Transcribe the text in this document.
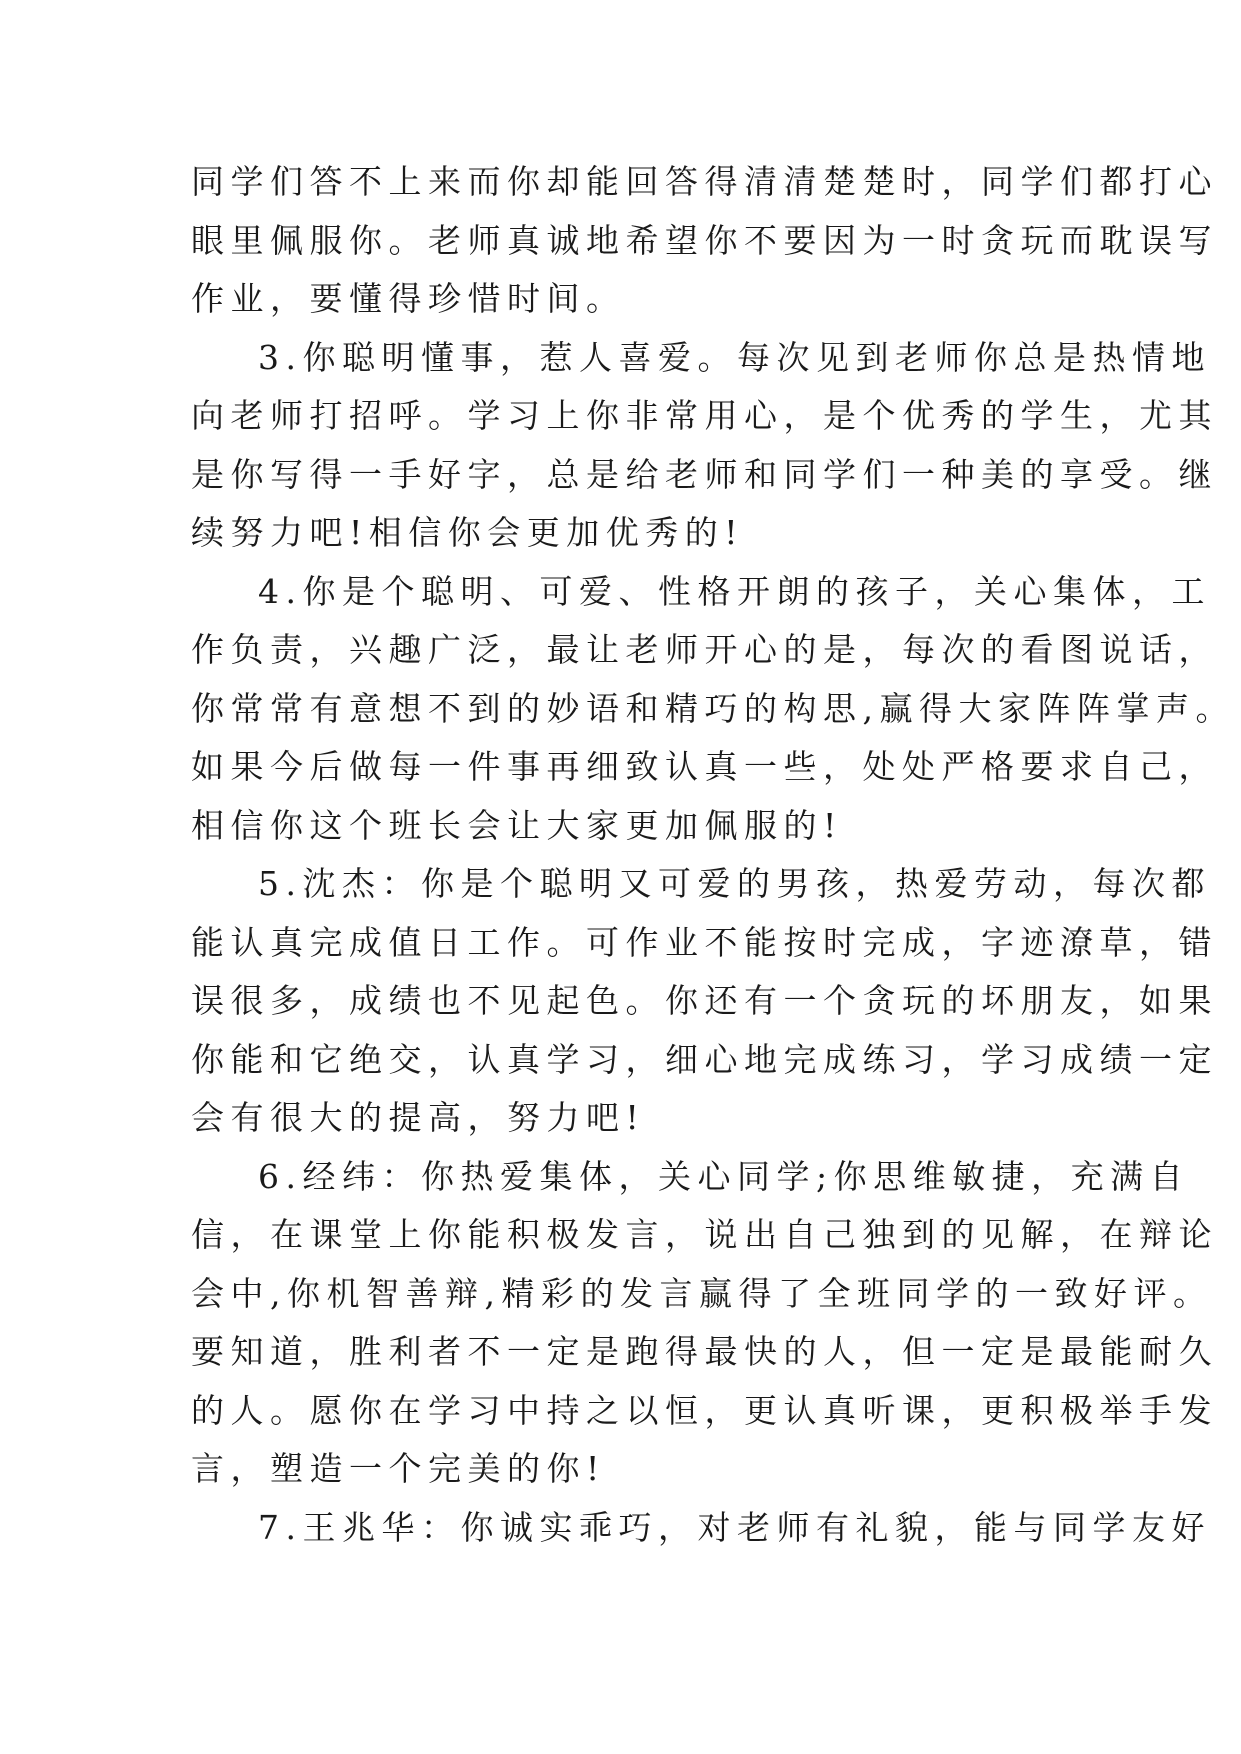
同学们答不上来而你却能回答得清清楚楚时，同学们都打心
眼里佩服你。老师真诚地希望你不要因为一时贪玩而耽误写
作业，要懂得珍惜时间。
3.你聪明懂事，惹人喜爱。每次见到老师你总是热情地
向老师打招呼。学习上你非常用心，是个优秀的学生，尤其
是你写得一手好字，总是给老师和同学们一种美的享受。继
续努力吧!相信你会更加优秀的!
4.你是个聪明、可爱、性格开朗的孩子，关心集体，工
作负责，兴趣广泛，最让老师开心的是，每次的看图说话，
你常常有意想不到的妙语和精巧的构思,赢得大家阵阵掌声。
如果今后做每一件事再细致认真一些，处处严格要求自己，
相信你这个班长会让大家更加佩服的!
5.沈杰：你是个聪明又可爱的男孩，热爱劳动，每次都
能认真完成值日工作。可作业不能按时完成，字迹潦草，错
误很多，成绩也不见起色。你还有一个贪玩的坏朋友，如果
你能和它绝交，认真学习，细心地完成练习，学习成绩一定
会有很大的提高，努力吧!
6.经纬：你热爱集体，关心同学;你思维敏捷，充满自
信，在课堂上你能积极发言，说出自己独到的见解，在辩论
会中,你机智善辩,精彩的发言赢得了全班同学的一致好评。
要知道，胜利者不一定是跑得最快的人，但一定是最能耐久
的人。愿你在学习中持之以恒，更认真听课，更积极举手发
言，塑造一个完美的你!
7.王兆华：你诚实乖巧，对老师有礼貌，能与同学友好
